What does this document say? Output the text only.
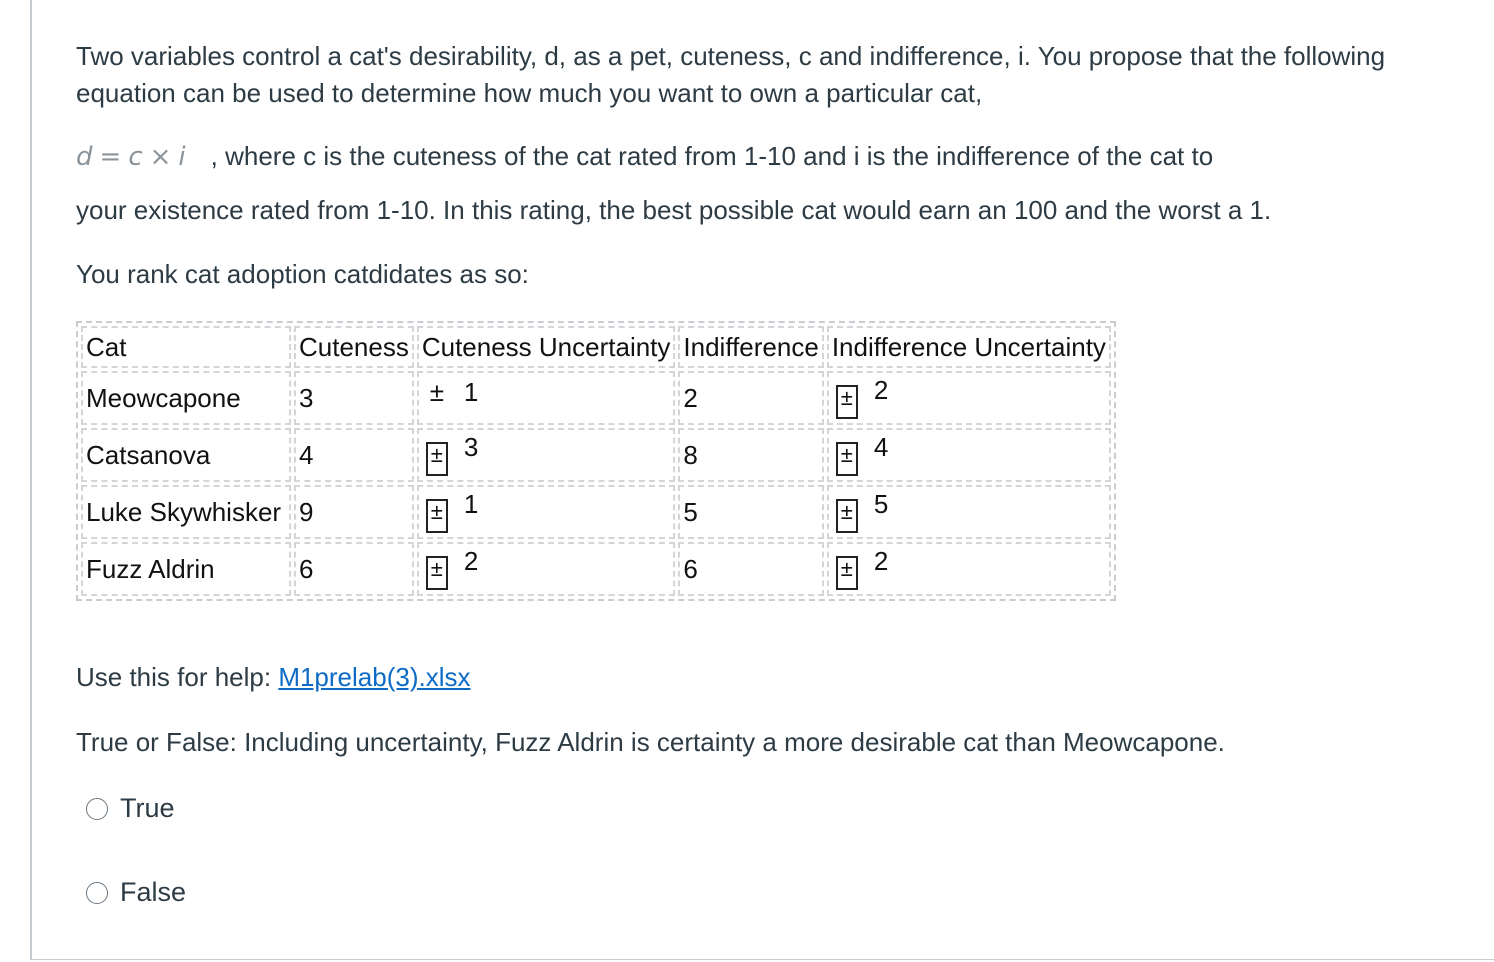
Two variables control a cat's desirability, d, as a pet, cuteness, c and indifference, i. You propose that the following equation can be used to determine how much you want to own a particular cat,

d = c × i , where c is the cuteness of the cat rated from 1-10 and i is the indifference of the cat to

your existence rated from 1-10. In this rating, the best possible cat would earn an 100 and the worst a 1.

You rank cat adoption catdidates as so:

Cat	Cuteness	Cuteness Uncertainty	Indifference	Indifference Uncertainty
Meowcapone	3	± 1	2	± 2
Catsanova	4	± 3	8	± 4
Luke Skywhisker	9	± 1	5	± 5
Fuzz Aldrin	6	± 2	6	± 2

Use this for help: M1prelab(3).xlsx

True or False: Including uncertainty, Fuzz Aldrin is certainty a more desirable cat than Meowcapone.

True
False
